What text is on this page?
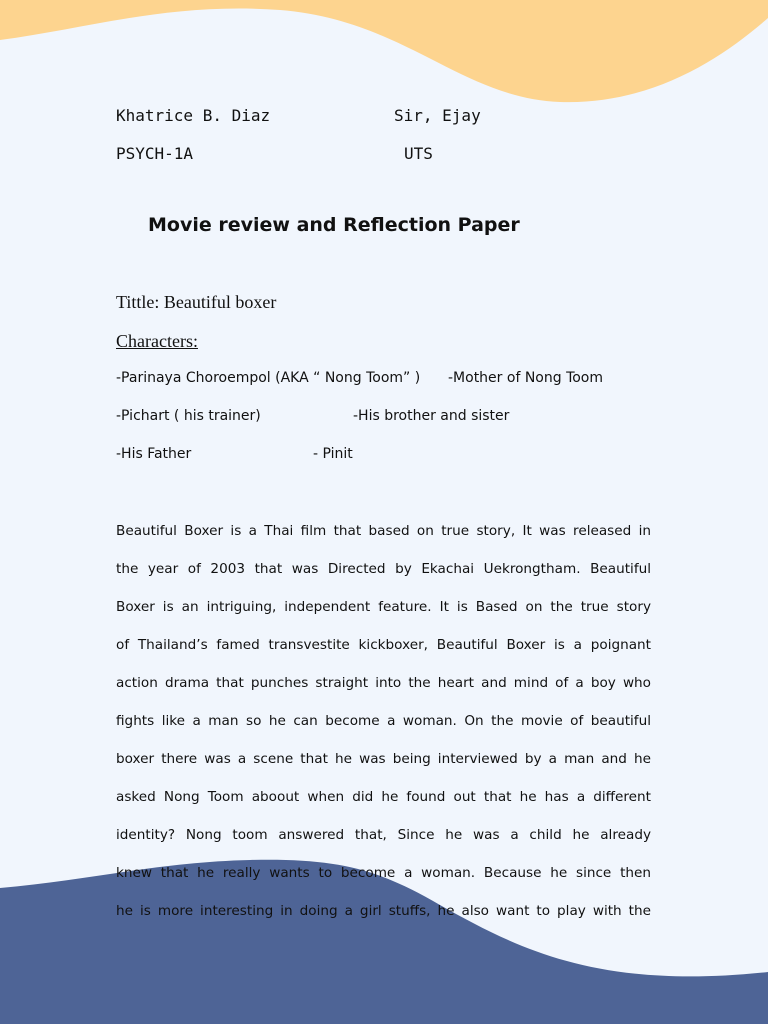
Khatrice B. Diaz	Sir, Ejay
PSYCH-1A	UTS
Movie review and Reflection Paper
Tittle: Beautiful boxer
Characters:
-Parinaya Choroempol (AKA “ Nong Toom” ) -Mother of Nong Toom
-Pichart ( his trainer)	-His brother and sister
-His Father	- Pinit
Beautiful Boxer is a Thai film that based on true story, It was released in
the year of 2003 that was Directed by Ekachai Uekrongtham. Beautiful
Boxer is an intriguing, independent feature. It is Based on the true story
of Thailand’s famed transvestite kickboxer, Beautiful Boxer is a poignant
action drama that punches straight into the heart and mind of a boy who
fights like a man so he can become a woman. On the movie of beautiful
boxer there was a scene that he was being interviewed by a man and he
asked Nong Toom aboout when did he found out that he has a different
identity? Nong toom answered that, Since he was a child he already
knew that he really wants to become a woman. Because he since then
he is more interesting in doing a girl stuffs, he also want to play with the
